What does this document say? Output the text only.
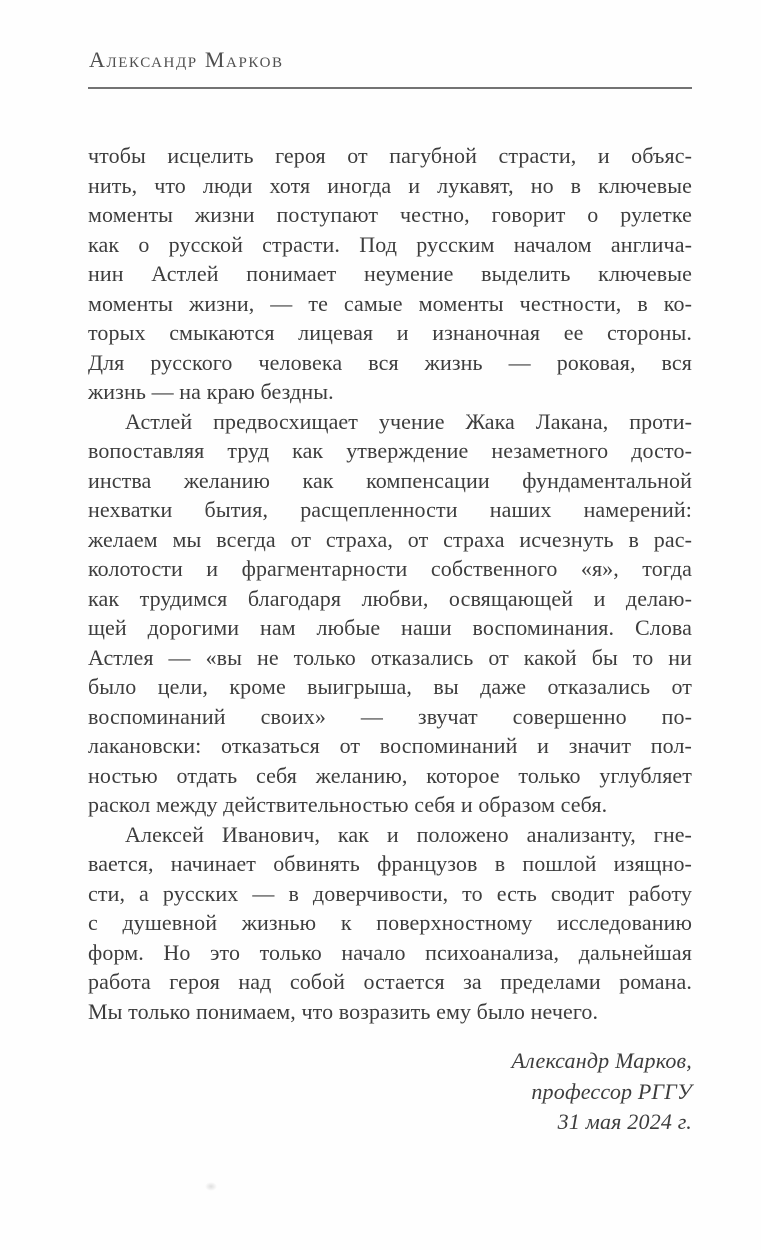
Александр Марков
чтобы исцелить героя от пагубной страсти, и объяс-
нить, что люди хотя иногда и лукавят, но в ключевые
моменты жизни поступают честно, говорит о рулетке
как о русской страсти. Под русским началом англича-
нин Астлей понимает неумение выделить ключевые
моменты жизни, — те самые моменты честности, в ко-
торых смыкаются лицевая и изнаночная ее стороны.
Для русского человека вся жизнь — роковая, вся
жизнь — на краю бездны.
Астлей предвосхищает учение Жака Лакана, проти-
вопоставляя труд как утверждение незаметного досто-
инства желанию как компенсации фундаментальной
нехватки бытия, расщепленности наших намерений:
желаем мы всегда от страха, от страха исчезнуть в рас-
колотости и фрагментарности собственного «я», тогда
как трудимся благодаря любви, освящающей и делаю-
щей дорогими нам любые наши воспоминания. Слова
Астлея — «вы не только отказались от какой бы то ни
было цели, кроме выигрыша, вы даже отказались от
воспоминаний своих» — звучат совершенно по-
лакановски: отказаться от воспоминаний и значит пол-
ностью отдать себя желанию, которое только углубляет
раскол между действительностью себя и образом себя.
Алексей Иванович, как и положено анализанту, гне-
вается, начинает обвинять французов в пошлой изящно-
сти, а русских — в доверчивости, то есть сводит работу
с душевной жизнью к поверхностному исследованию
форм. Но это только начало психоанализа, дальнейшая
работа героя над собой остается за пределами романа.
Мы только понимаем, что возразить ему было нечего.
Александр Марков,
профессор РГГУ
31 мая 2024 г.
